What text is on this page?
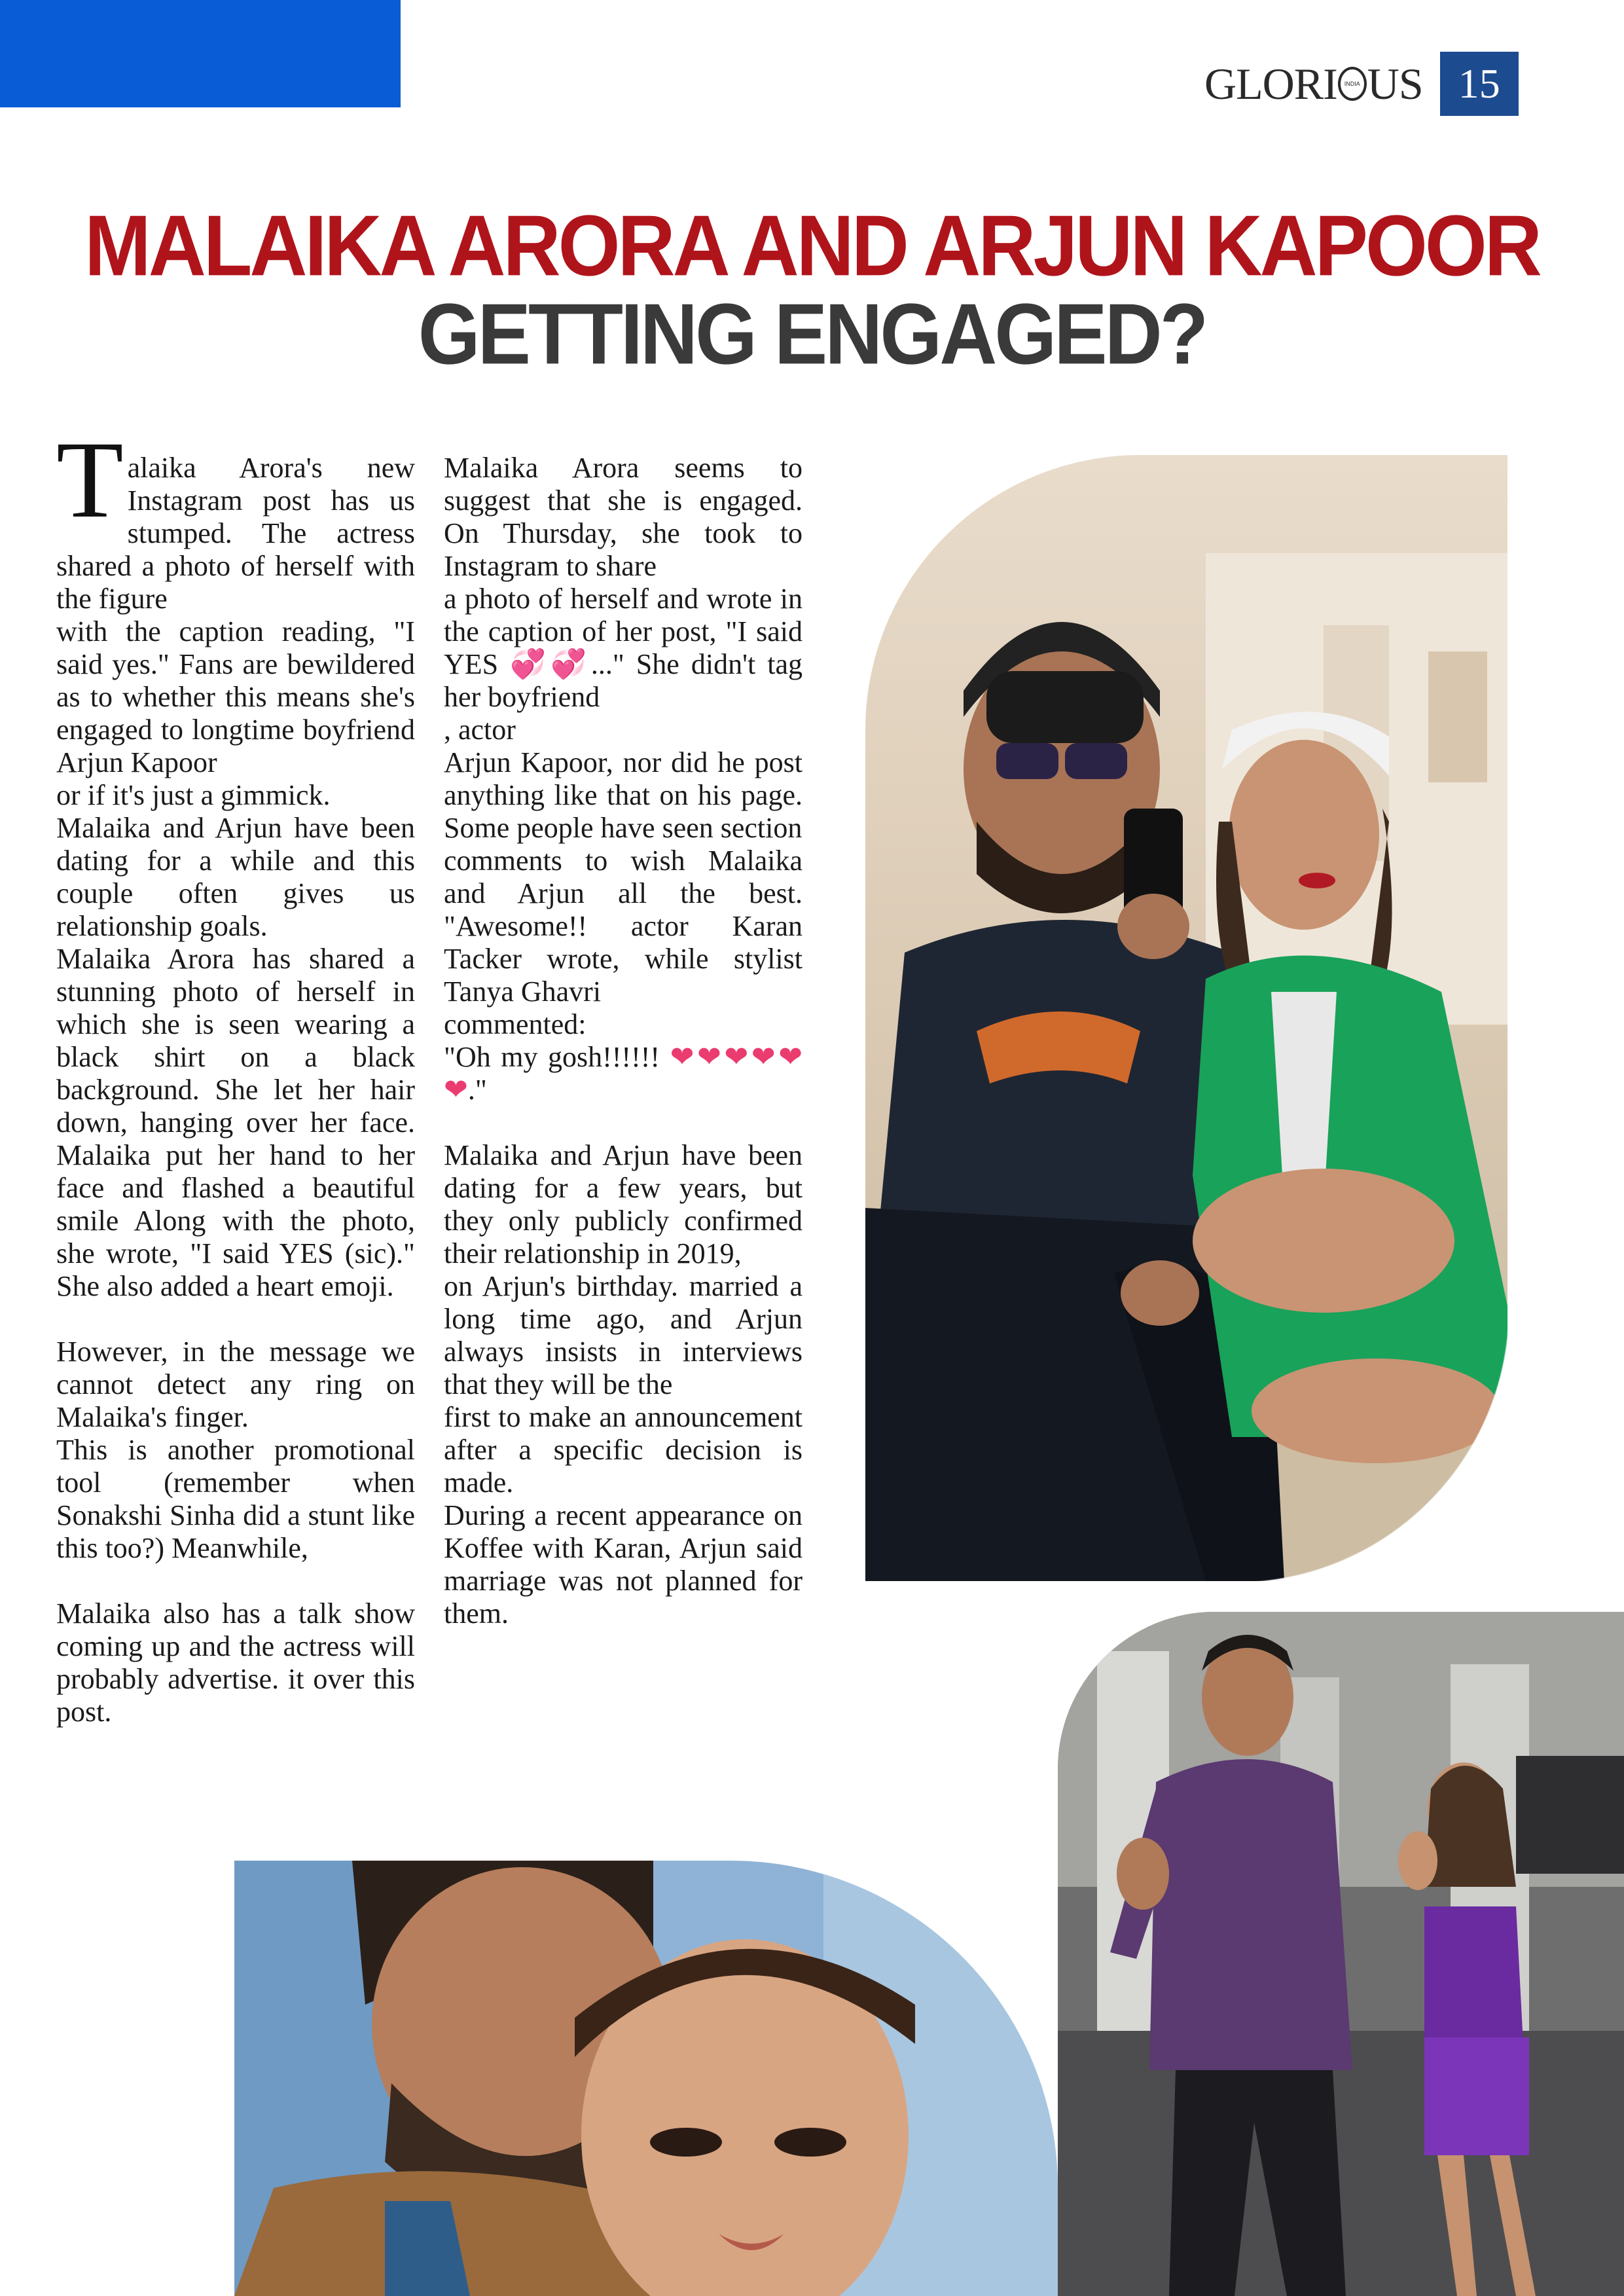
GLORI	INDIA US 15
MALAIKA ARORA AND ARJUN KAPOOR
GETTING ENGAGED?

Talaika Arora's new Instagram post has us stumped. The actress shared a photo of herself with the figure

with the caption reading, "I said yes." Fans are bewildered as to whether this means she's engaged to longtime boyfriend Arjun Kapoor

or if it's just a gimmick.

Malaika and Arjun have been dating for a while and this couple often gives us relationship goals.

Malaika Arora has shared a stunning photo of herself in which she is seen wearing a black shirt on a black background. She let her hair down, hanging over her face. Malaika put her hand to her face and flashed a beautiful smile Along with the photo, she wrote, "I said YES (sic)." She also added a heart emoji.

However, in the message we cannot detect any ring on Malaika's finger.

This is another promotional tool (remember when Sonakshi Sinha did a stunt like this too?) Meanwhile,

Malaika also has a talk show coming up and the actress will probably advertise. it over this post.

Malaika Arora seems to suggest that she is engaged. On Thursday, she took to Instagram to share

a photo of herself and wrote in the caption of her post, "I said YES 💞💞..." She didn't tag her boyfriend

, actor

Arjun Kapoor, nor did he post anything like that on his page. Some people have seen section

comments to wish Malaika and Arjun all the best. "Awesome!! actor Karan Tacker wrote, while stylist Tanya Ghavri

commented:

"Oh my gosh!!!!!! ❤❤❤❤❤❤."

Malaika and Arjun have been dating for a few years, but they only publicly confirmed their relationship in 2019,

on Arjun's birthday. married a long time ago, and Arjun always insists in interviews that they will be the

first to make an announcement after a specific decision is made.

During a recent appearance on Koffee with Karan, Arjun said marriage was not planned for them.
